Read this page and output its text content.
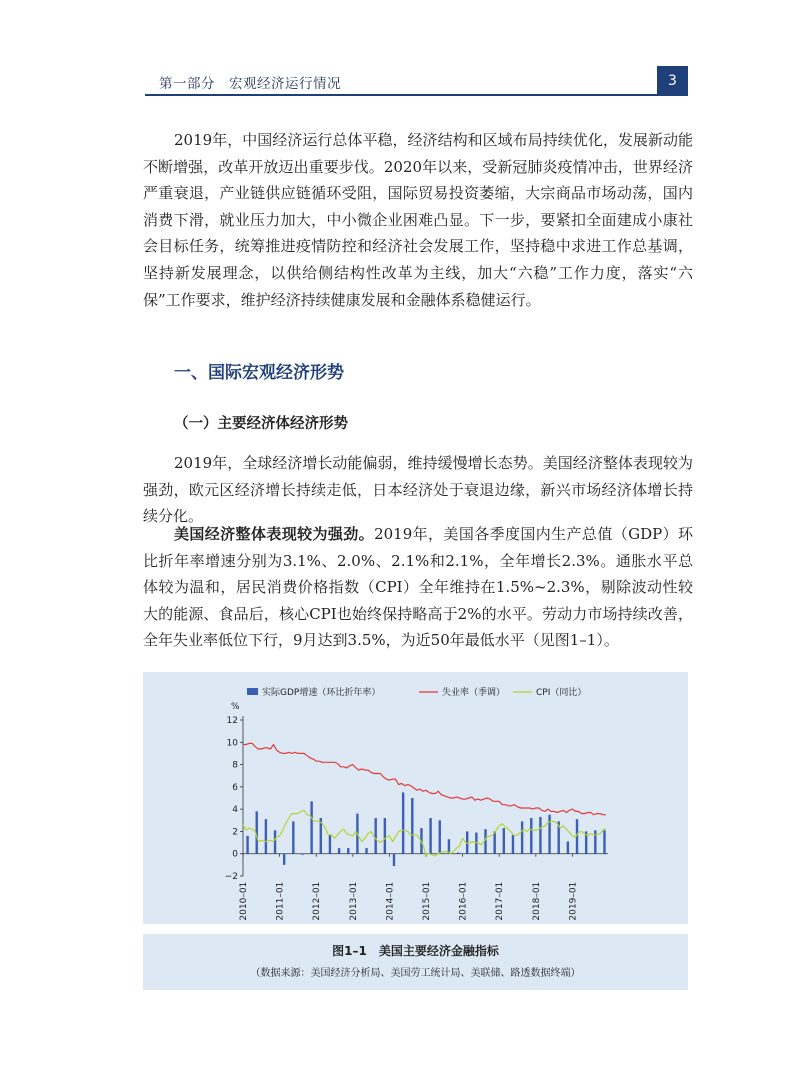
第一部分　宏观经济运行情况	3

2019年，中国经济运行总体平稳，经济结构和区域布局持续优化，发展新动能不断增强，改革开放迈出重要步伐。2020年以来，受新冠肺炎疫情冲击，世界经济严重衰退，产业链供应链循环受阻，国际贸易投资萎缩，大宗商品市场动荡，国内消费下滑，就业压力加大，中小微企业困难凸显。下一步，要紧扣全面建成小康社会目标任务，统筹推进疫情防控和经济社会发展工作，坚持稳中求进工作总基调，坚持新发展理念，以供给侧结构性改革为主线，加大“六稳”工作力度，落实“六保”工作要求，维护经济持续健康发展和金融体系稳健运行。

一、国际宏观经济形势
（一）主要经济体经济形势

2019年，全球经济增长动能偏弱，维持缓慢增长态势。美国经济整体表现较为强劲，欧元区经济增长持续走低，日本经济处于衰退边缘，新兴市场经济体增长持续分化。

美国经济整体表现较为强劲。2019年，美国各季度国内生产总值（GDP）环比折年率增速分别为3.1%、2.0%、2.1%和2.1%，全年增长2.3%。通胀水平总体较为温和，居民消费价格指数（CPI）全年维持在1.5%~2.3%，剔除波动性较大的能源、食品后，核心CPI也始终保持略高于2%的水平。劳动力市场持续改善，全年失业率低位下行，9月达到3.5%，为近50年最低水平（见图1–1）。

实际GDP增速（环比折年率）	失业率（季调）	CPI（同比）
%
−2
0
2
4
6
8
10
12
2010–01	2011–01	2012–01	2013–01	2014–01	2015–01	2016–01	2017–01	2018–01	2019–01
图1–1　美国主要经济金融指标
（数据来源：美国经济分析局、美国劳工统计局、美联储、路透数据终端）
